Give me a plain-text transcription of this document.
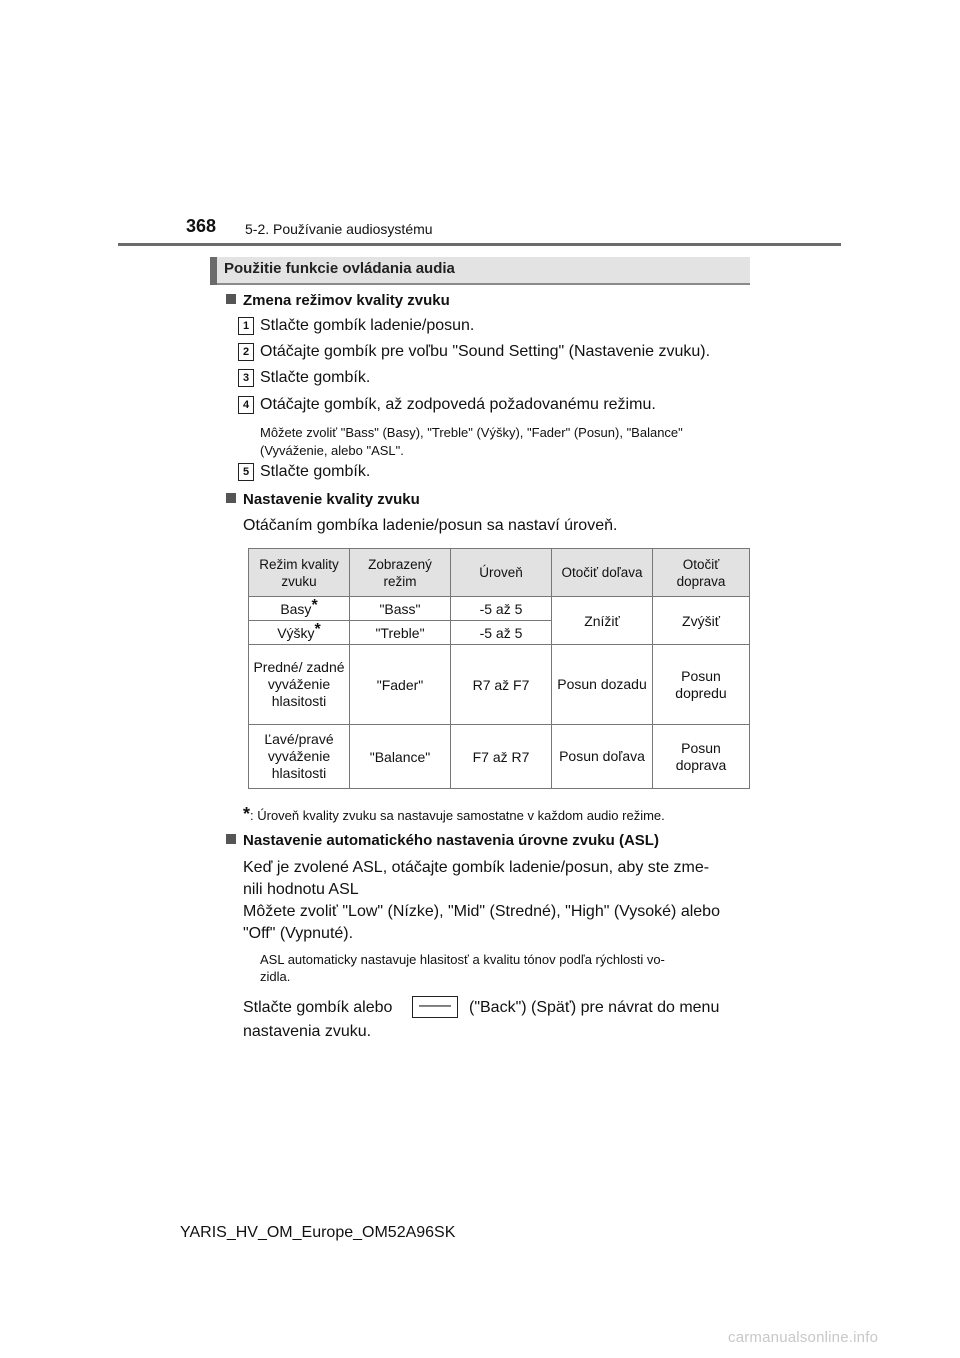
368 5-2. Používanie audiosystému
Použitie funkcie ovládania audia
Zmena režimov kvality zvuku
1 Stlačte gombík ladenie/posun.
2 Otáčajte gombík pre voľbu "Sound Setting" (Nastavenie zvuku).
3 Stlačte gombík.
4 Otáčajte gombík, až zodpovedá požadovanému režimu.
Môžete zvoliť "Bass" (Basy), "Treble" (Výšky), "Fader" (Posun), "Balance"
(Vyváženie, alebo "ASL".
5 Stlačte gombík.
Nastavenie kvality zvuku
Otáčaním gombíka ladenie/posun sa nastaví úroveň.
Režim kvality zvuku	Zobrazený režim	Úroveň	Otočiť doľava	Otočiť doprava
Basy*	"Bass"	-5 až 5	Znížiť	Zvýšiť
Výšky*	"Treble"	-5 až 5		
Predné/ zadné vyváženie hlasitosti	"Fader"	R7 až F7	Posun dozadu	Posun dopredu
Ľavé/pravé vyváženie hlasitosti	"Balance"	F7 až R7	Posun doľava	Posun doprava
*: Úroveň kvality zvuku sa nastavuje samostatne v každom audio režime.
Nastavenie automatického nastavenia úrovne zvuku (ASL)
Keď je zvolené ASL, otáčajte gombík ladenie/posun, aby ste zme-
nili hodnotu ASL
Môžete zvoliť "Low" (Nízke), "Mid" (Stredné), "High" (Vysoké) alebo
"Off" (Vypnuté).
ASL automaticky nastavuje hlasitosť a kvalitu tónov podľa rýchlosti vo-
zidla.
Stlačte gombík alebo	——	("Back") (Späť) pre návrat do menu
nastavenia zvuku.
YARIS_HV_OM_Europe_OM52A96SK
carmanualsonline.info
